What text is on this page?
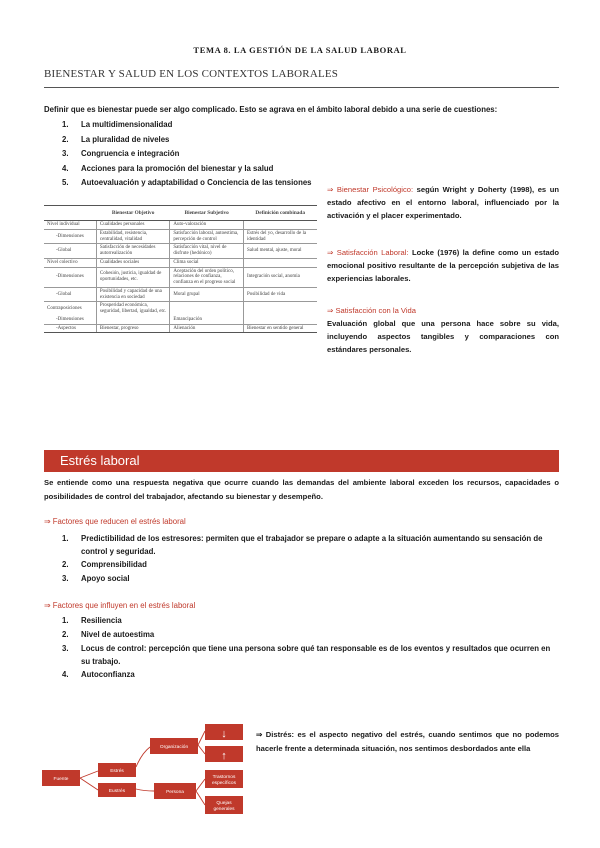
TEMA 8. LA GESTIÓN DE LA SALUD LABORAL
BIENESTAR Y SALUD EN LOS CONTEXTOS LABORALES
Definir que es bienestar puede ser algo complicado. Esto se agrava en el ámbito laboral debido a una serie de cuestiones:
1.	La multidimensionalidad
2.	La pluralidad de niveles
3.	Congruencia e integración
4.	Acciones para la promoción del bienestar y la salud
5.	Autoevaluación y adaptabilidad o Conciencia de las tensiones
	Bienestar Objetivo	Bienestar Subjetivo	Definición combinada
Nivel individual	Cualidades personales	Auto-valoración	
-Dimensiones	Estabilidad, resistencia, centralidad, vitalidad	Satisfacción laboral, autoestima, percepción de control	Estrés del yo, desarrollo de la identidad
-Global	Satisfacción de necesidades autorrealización	Satisfacción vital, nivel de disfrute (hedónico)	Salud mental, ajuste, moral
Nivel colectivo	Cualidades sociales	Clima social	
-Dimensiones	Cohesión, justicia, igualdad de oportunidades, etc.	Aceptación del orden político, relaciones de confianza, confianza en el progreso social	Integración social, anomia
-Global	Posibilidad y capacidad de una existencia en sociedad	Moral grupal	Posibilidad de vida
Contraposiciones	Prosperidad económica, seguridad, libertad, igualdad, etc.		
-Dimensiones		Emancipación	
-Aspectos	Bienestar, progreso	Alienación	Bienestar en sentido general
⇒ Bienestar Psicológico: según Wright y Doherty (1998), es un estado afectivo en el entorno laboral, influenciado por la activación y el placer experimentado.
⇒ Satisfacción Laboral: Locke (1976) la define como un estado emocional positivo resultante de la percepción subjetiva de las experiencias laborales.
⇒ Satisfacción con la Vida
Evaluación global que una persona hace sobre su vida, incluyendo aspectos tangibles y comparaciones con estándares personales.
Estrés laboral
Se entiende como una respuesta negativa que ocurre cuando las demandas del ambiente laboral exceden los recursos, capacidades o posibilidades de control del trabajador, afectando su bienestar y desempeño.
⇒ Factores que reducen el estrés laboral
1.	Predictibilidad de los estresores: permiten que el trabajador se prepare o adapte a la situación aumentando su sensación de control y seguridad.
2.	Comprensibilidad
3.	Apoyo social
⇒ Factores que influyen en el estrés laboral
1.	Resiliencia
2.	Nivel de autoestima
3.	Locus de control: percepción que tiene una persona sobre qué tan responsable es de los eventos y resultados que ocurren en su trabajo.
4.	Autoconfianza
Fuente
Estrés
Eustrés
Organización
Persona
↓
↑
Trastornos
específicos
Quejas
generales
⇒ Distrés: es el aspecto negativo del estrés, cuando sentimos que no podemos hacerle frente a determinada situación, nos sentimos desbordados ante ella
